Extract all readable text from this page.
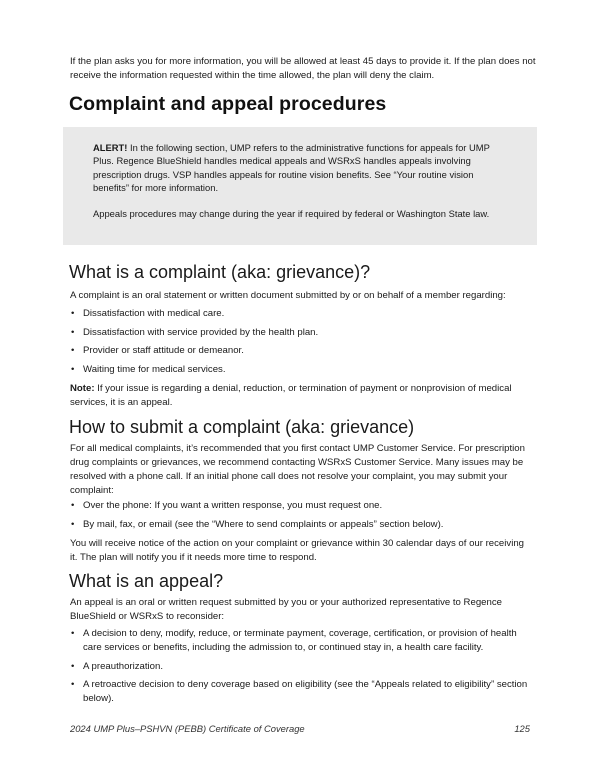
If the plan asks you for more information, you will be allowed at least 45 days to provide it. If the plan does not receive the information requested within the time allowed, the plan will deny the claim.

Complaint and appeal procedures

ALERT! In the following section, UMP refers to the administrative functions for appeals for UMP Plus. Regence BlueShield handles medical appeals and WSRxS handles appeals involving prescription drugs. VSP handles appeals for routine vision benefits. See “Your routine vision benefits” for more information.

Appeals procedures may change during the year if required by federal or Washington State law.

What is a complaint (aka: grievance)?

A complaint is an oral statement or written document submitted by or on behalf of a member regarding:

• Dissatisfaction with medical care.
• Dissatisfaction with service provided by the health plan.
• Provider or staff attitude or demeanor.
• Waiting time for medical services.

Note: If your issue is regarding a denial, reduction, or termination of payment or nonprovision of medical services, it is an appeal.

How to submit a complaint (aka: grievance)

For all medical complaints, it’s recommended that you first contact UMP Customer Service. For prescription drug complaints or grievances, we recommend contacting WSRxS Customer Service. Many issues may be resolved with a phone call. If an initial phone call does not resolve your complaint, you may submit your complaint:

• Over the phone: If you want a written response, you must request one.
• By mail, fax, or email (see the “Where to send complaints or appeals” section below).

You will receive notice of the action on your complaint or grievance within 30 calendar days of our receiving it. The plan will notify you if it needs more time to respond.

What is an appeal?

An appeal is an oral or written request submitted by you or your authorized representative to Regence BlueShield or WSRxS to reconsider:

• A decision to deny, modify, reduce, or terminate payment, coverage, certification, or provision of health care services or benefits, including the admission to, or continued stay in, a health care facility.
• A preauthorization.
• A retroactive decision to deny coverage based on eligibility (see the “Appeals related to eligibility” section below).
2024 UMP Plus–PSHVN (PEBB) Certificate of Coverage	125
